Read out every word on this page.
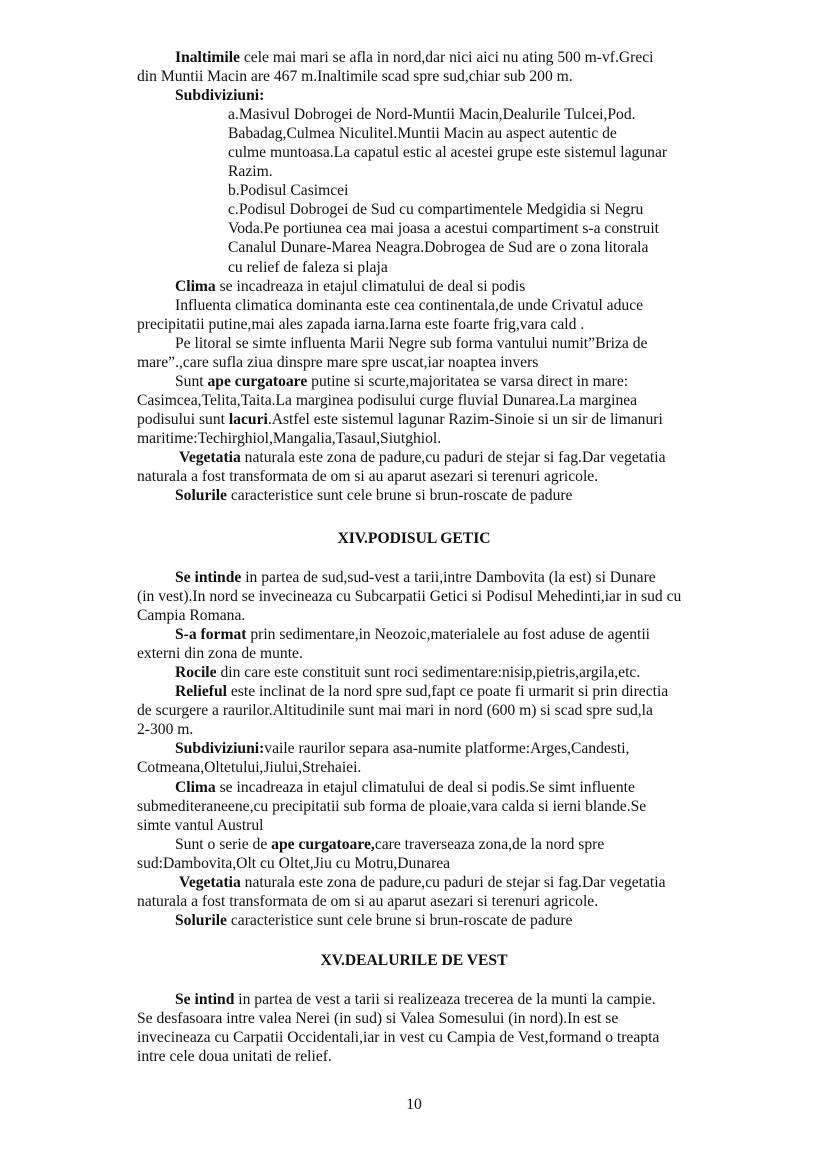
Inaltimile cele mai mari se afla in nord,dar nici aici nu ating 500 m-vf.Greci
din Muntii Macin are 467 m.Inaltimile scad spre sud,chiar sub 200 m.
Subdiviziuni:
a.Masivul Dobrogei de Nord-Muntii Macin,Dealurile Tulcei,Pod.
Babadag,Culmea Niculitel.Muntii Macin au aspect autentic de
culme muntoasa.La capatul estic al acestei grupe este sistemul lagunar
Razim.
b.Podisul Casimcei
c.Podisul Dobrogei de Sud cu compartimentele Medgidia si Negru
Voda.Pe portiunea cea mai joasa a acestui compartiment s-a construit
Canalul Dunare-Marea Neagra.Dobrogea de Sud are o zona litorala
cu relief de faleza si plaja
Clima se incadreaza in etajul climatului de deal si podis
Influenta climatica dominanta este cea continentala,de unde Crivatul aduce
precipitatii putine,mai ales zapada iarna.Iarna este foarte frig,vara cald .
Pe litoral se simte influenta Marii Negre sub forma vantului numit”Briza de
mare”.,care sufla ziua dinspre mare spre uscat,iar noaptea invers
Sunt ape curgatoare putine si scurte,majoritatea se varsa direct in mare:
Casimcea,Telita,Taita.La marginea podisului curge fluvial Dunarea.La marginea
podisului sunt lacuri.Astfel este sistemul lagunar Razim-Sinoie si un sir de limanuri
maritime:Techirghiol,Mangalia,Tasaul,Siutghiol.
Vegetatia naturala este zona de padure,cu paduri de stejar si fag.Dar vegetatia
naturala a fost transformata de om si au aparut asezari si terenuri agricole.
Solurile caracteristice sunt cele brune si brun-roscate de padure
XIV.PODISUL GETIC
Se intinde in partea de sud,sud-vest a tarii,intre Dambovita (la est) si Dunare
(in vest).In nord se invecineaza cu Subcarpatii Getici si Podisul Mehedinti,iar in sud cu
Campia Romana.
S-a format prin sedimentare,in Neozoic,materialele au fost aduse de agentii
externi din zona de munte.
Rocile din care este constituit sunt roci sedimentare:nisip,pietris,argila,etc.
Relieful este inclinat de la nord spre sud,fapt ce poate fi urmarit si prin directia
de scurgere a raurilor.Altitudinile sunt mai mari in nord (600 m) si scad spre sud,la
2-300 m.
Subdiviziuni:vaile raurilor separa asa-numite platforme:Arges,Candesti,
Cotmeana,Oltetului,Jiului,Strehaiei.
Clima se incadreaza in etajul climatului de deal si podis.Se simt influente
submediteraneene,cu precipitatii sub forma de ploaie,vara calda si ierni blande.Se
simte vantul Austrul
Sunt o serie de ape curgatoare,care traverseaza zona,de la nord spre
sud:Dambovita,Olt cu Oltet,Jiu cu Motru,Dunarea
Vegetatia naturala este zona de padure,cu paduri de stejar si fag.Dar vegetatia
naturala a fost transformata de om si au aparut asezari si terenuri agricole.
Solurile caracteristice sunt cele brune si brun-roscate de padure
XV.DEALURILE DE VEST
Se intind in partea de vest a tarii si realizeaza trecerea de la munti la campie.
Se desfasoara intre valea Nerei (in sud) si Valea Somesului (in nord).In est se
invecineaza cu Carpatii Occidentali,iar in vest cu Campia de Vest,formand o treapta
intre cele doua unitati de relief.
10
